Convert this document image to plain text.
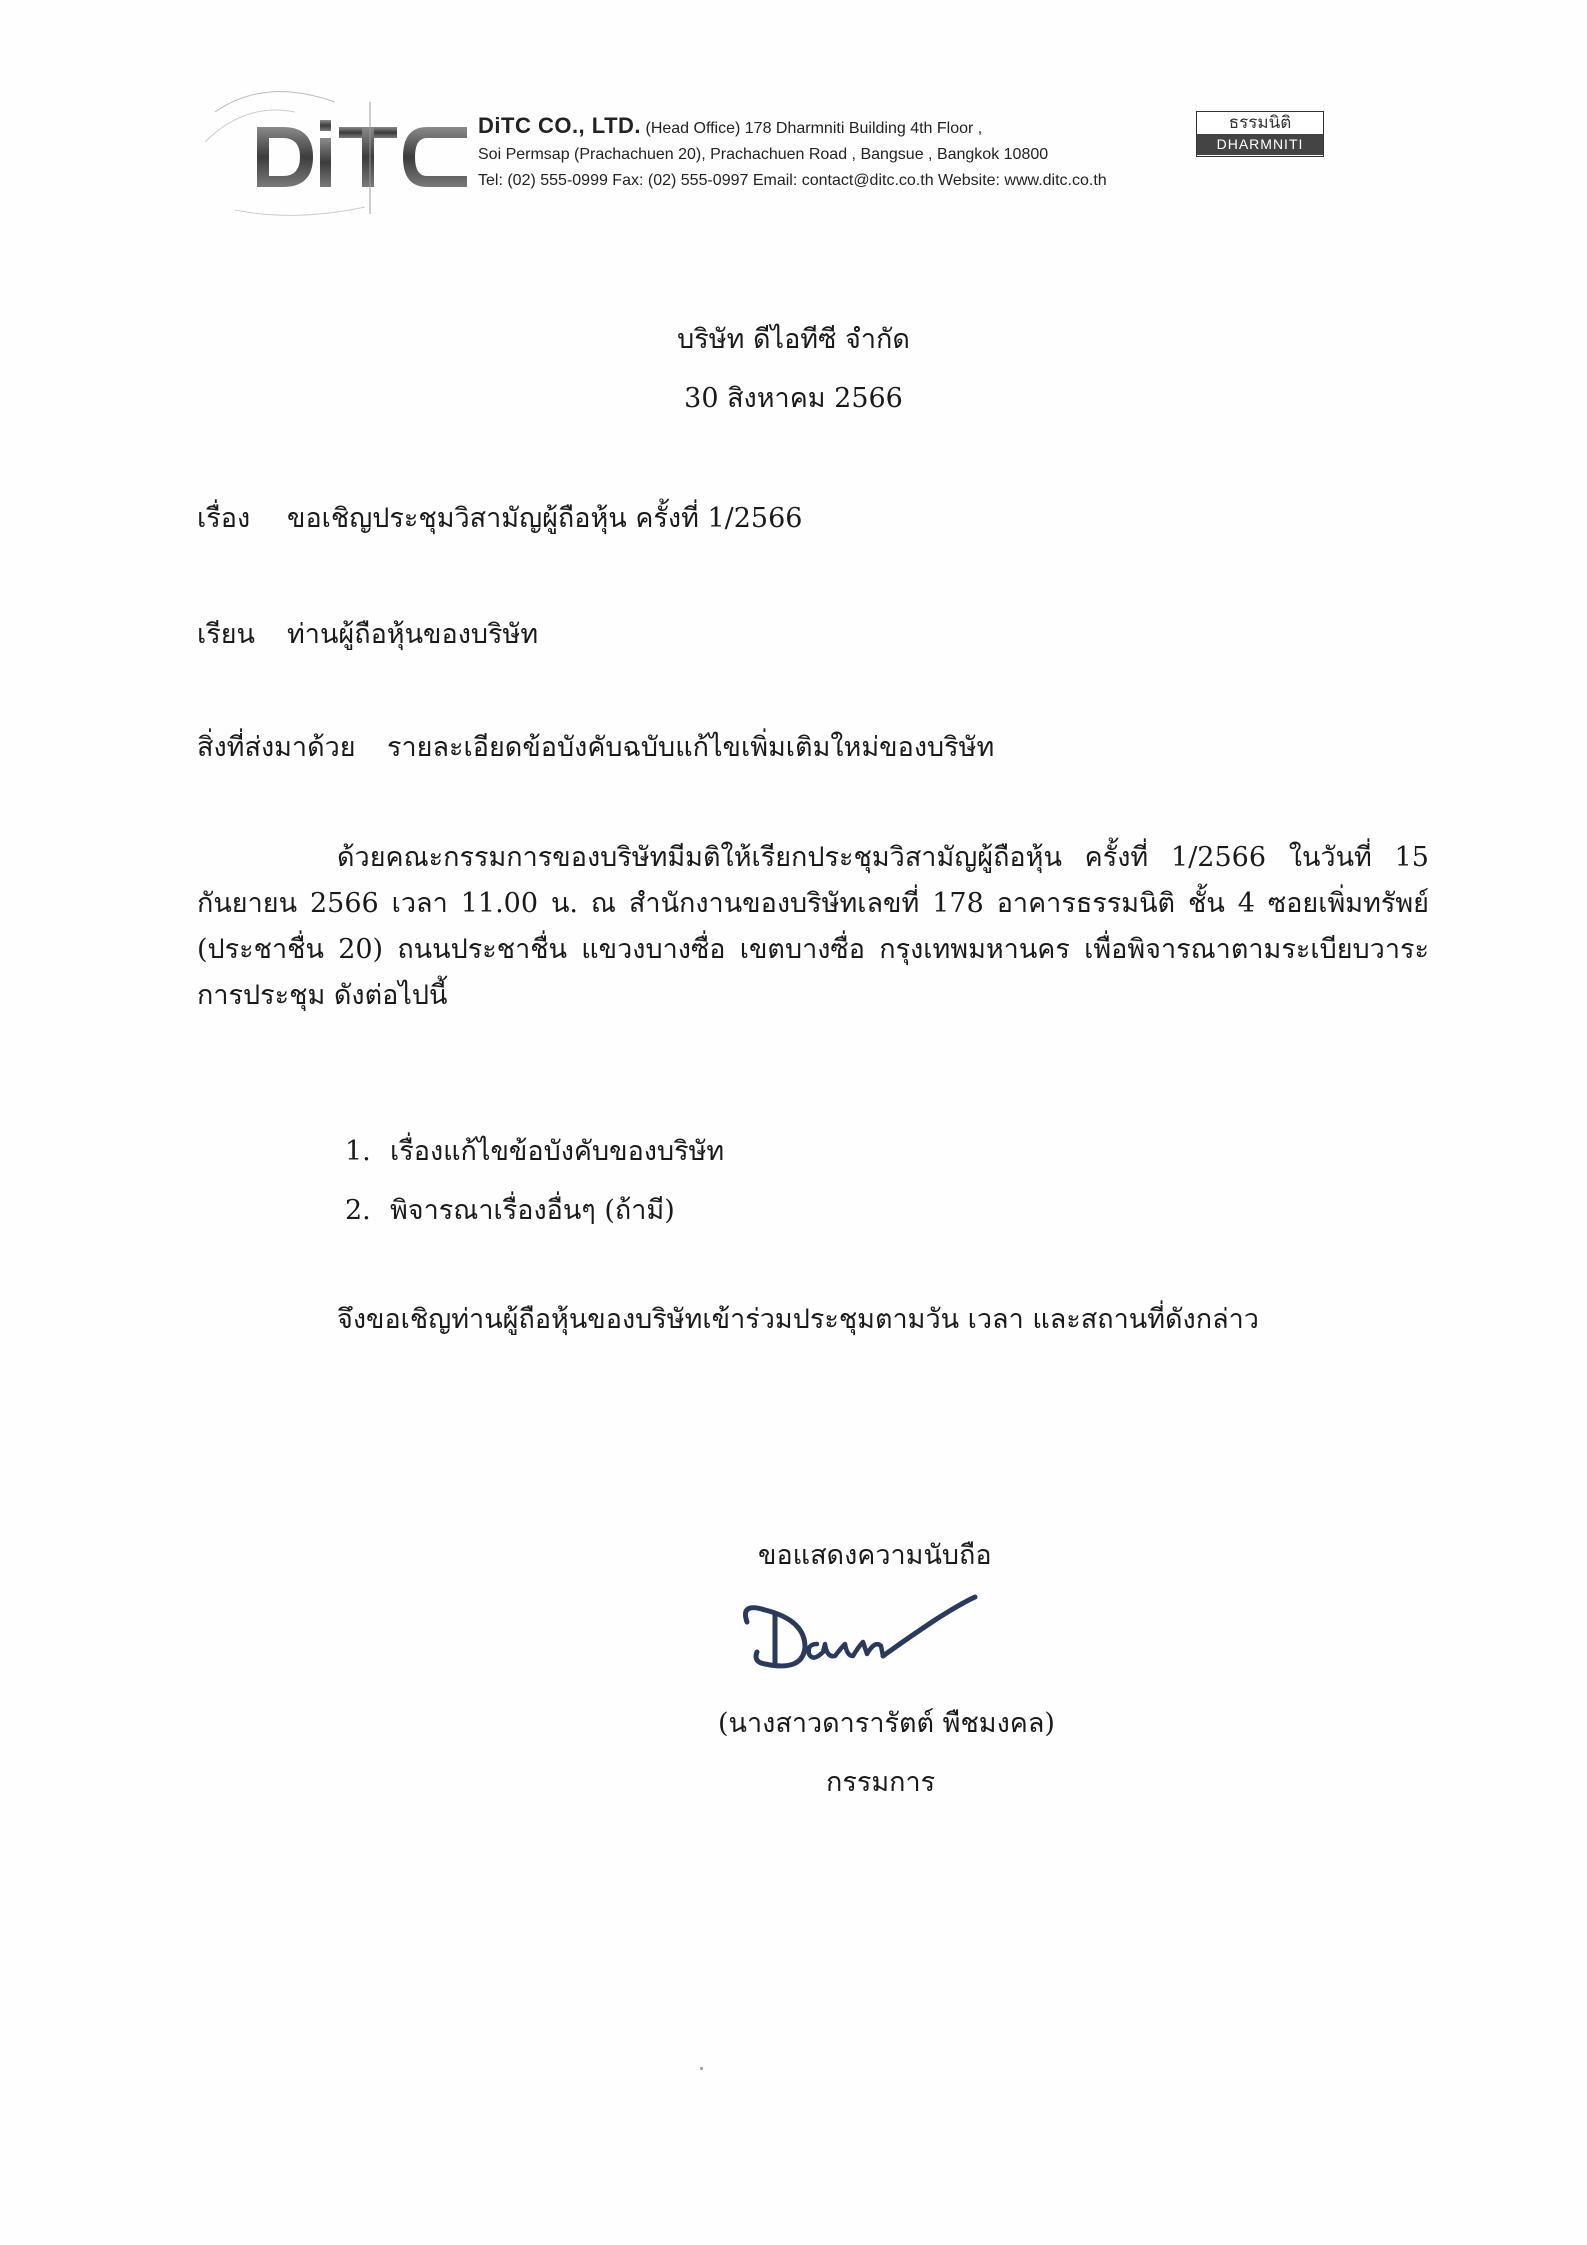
DiTC CO., LTD. (Head Office) 178 Dharmniti Building 4th Floor ,
Soi Permsap (Prachachuen 20), Prachachuen Road , Bangsue , Bangkok 10800
Tel: (02) 555-0999 Fax: (02) 555-0997 Email: contact@ditc.co.th Website: www.ditc.co.th
ธรรมนิติ
DHARMNITI
บริษัท ดีไอทีซี จำกัด
30 สิงหาคม 2566
เรื่อง ขอเชิญประชุมวิสามัญผู้ถือหุ้น ครั้งที่ 1/2566
เรียน ท่านผู้ถือหุ้นของบริษัท
สิ่งที่ส่งมาด้วย รายละเอียดข้อบังคับฉบับแก้ไขเพิ่มเติมใหม่ของบริษัท

ด้วยคณะกรรมการของบริษัทมีมติให้เรียกประชุมวิสามัญผู้ถือหุ้น ครั้งที่ 1/2566 ในวันที่ 15 กันยายน 2566 เวลา 11.00 น. ณ สำนักงานของบริษัทเลขที่ 178 อาคารธรรมนิติ ชั้น 4 ซอยเพิ่มทรัพย์ (ประชาชื่น 20) ถนนประชาชื่น แขวงบางซื่อ เขตบางซื่อ กรุงเทพมหานคร เพื่อพิจารณาตามระเบียบวาระการประชุม ดังต่อไปนี้

1. เรื่องแก้ไขข้อบังคับของบริษัท
2. พิจารณาเรื่องอื่นๆ (ถ้ามี)
จึงขอเชิญท่านผู้ถือหุ้นของบริษัทเข้าร่วมประชุมตามวัน เวลา และสถานที่ดังกล่าว
ขอแสดงความนับถือ
(นางสาวดารารัตต์ พืชมงคล)
กรรมการ
